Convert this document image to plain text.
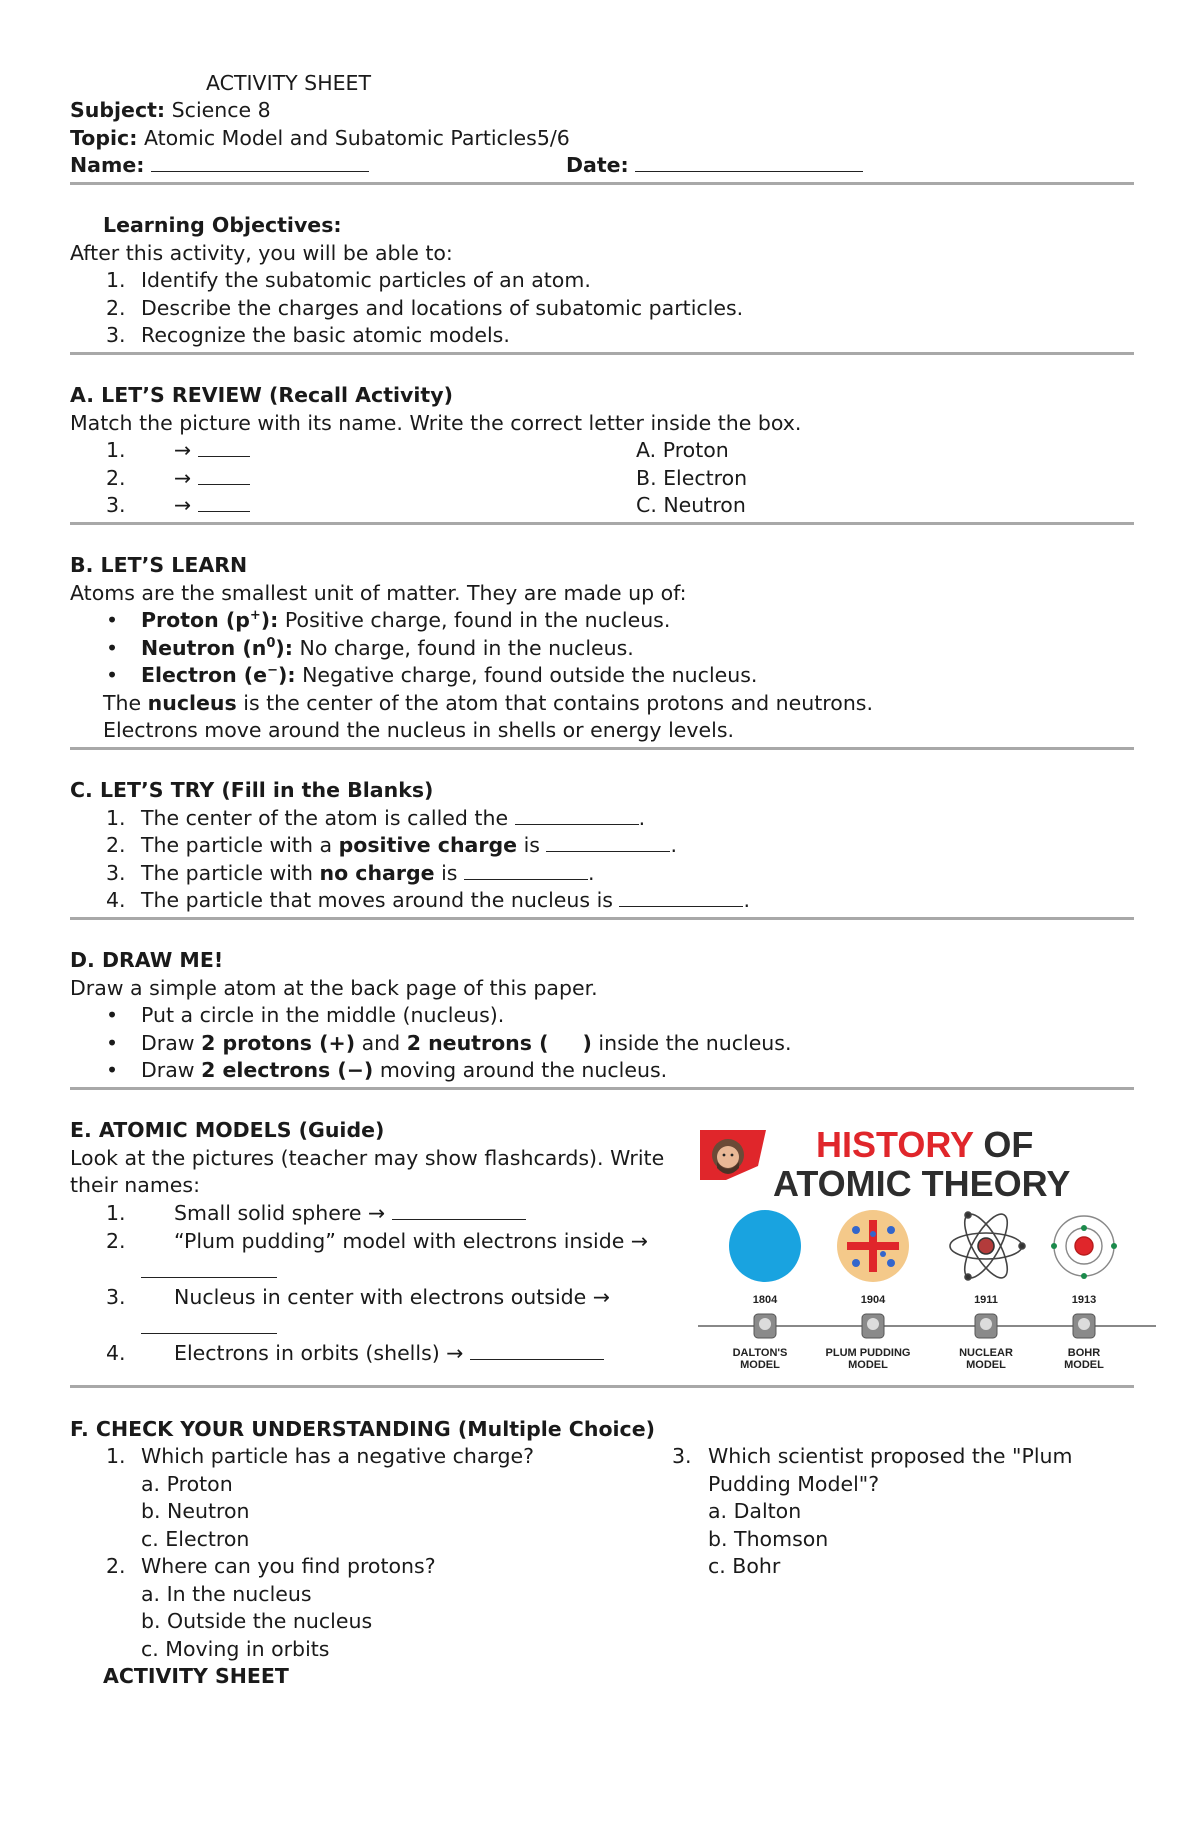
ACTIVITY SHEET
Subject: Science 8
Topic: Atomic Model and Subatomic Particles5/6
Name:	Date:
Learning Objectives:
After this activity, you will be able to:
1. Identify the subatomic particles of an atom.
2. Describe the charges and locations of subatomic particles.
3. Recognize the basic atomic models.
A. LET’S REVIEW (Recall Activity)
Match the picture with its name. Write the correct letter inside the box.
1. →	A. Proton
2. →	B. Electron
3. →	C. Neutron
B. LET’S LEARN
Atoms are the smallest unit of matter. They are made up of:
• Proton (p+): Positive charge, found in the nucleus.
• Neutron $(n^0)$: No charge, found in the nucleus.
• Electron (e−): Negative charge, found outside the nucleus.
The nucleus is the center of the atom that contains protons and neutrons.
Electrons move around the nucleus in shells or energy levels.
C. LET’S TRY (Fill in the Blanks)
1. The center of the atom is called the	.
2. The particle with a positive charge is	.
3. The particle with no charge is	.
4. The particle that moves around the nucleus is	.
D. DRAW ME!
Draw a simple atom at the back page of this paper.
• Put a circle in the middle (nucleus).
• Draw 2 protons (+) and 2 neutrons ( ) inside the nucleus.
• Draw 2 electrons (−) moving around the nucleus.
E. ATOMIC MODELS (Guide)
Look at the pictures (teacher may show flashcards). Write
their names:
1. Small solid sphere →
2. “Plum pudding” model with electrons inside →
3. Nucleus in center with electrons outside →
4. Electrons in orbits (shells) →
HISTORY OF
ATOMIC THEORY
1804	1904	1911	1913
DALTON'S
MODEL
PLUM PUDDING
MODEL
NUCLEAR
MODEL
BOHR
MODEL
F. CHECK YOUR UNDERSTANDING (Multiple Choice)
1. Which particle has a negative charge?
a. Proton
b. Neutron
c. Electron
2. Where can you find protons?
a. In the nucleus
b. Outside the nucleus
c. Moving in orbits
3. Which scientist proposed the "Plum
Pudding Model"?
a. Dalton
b. Thomson
c. Bohr
ACTIVITY SHEET
